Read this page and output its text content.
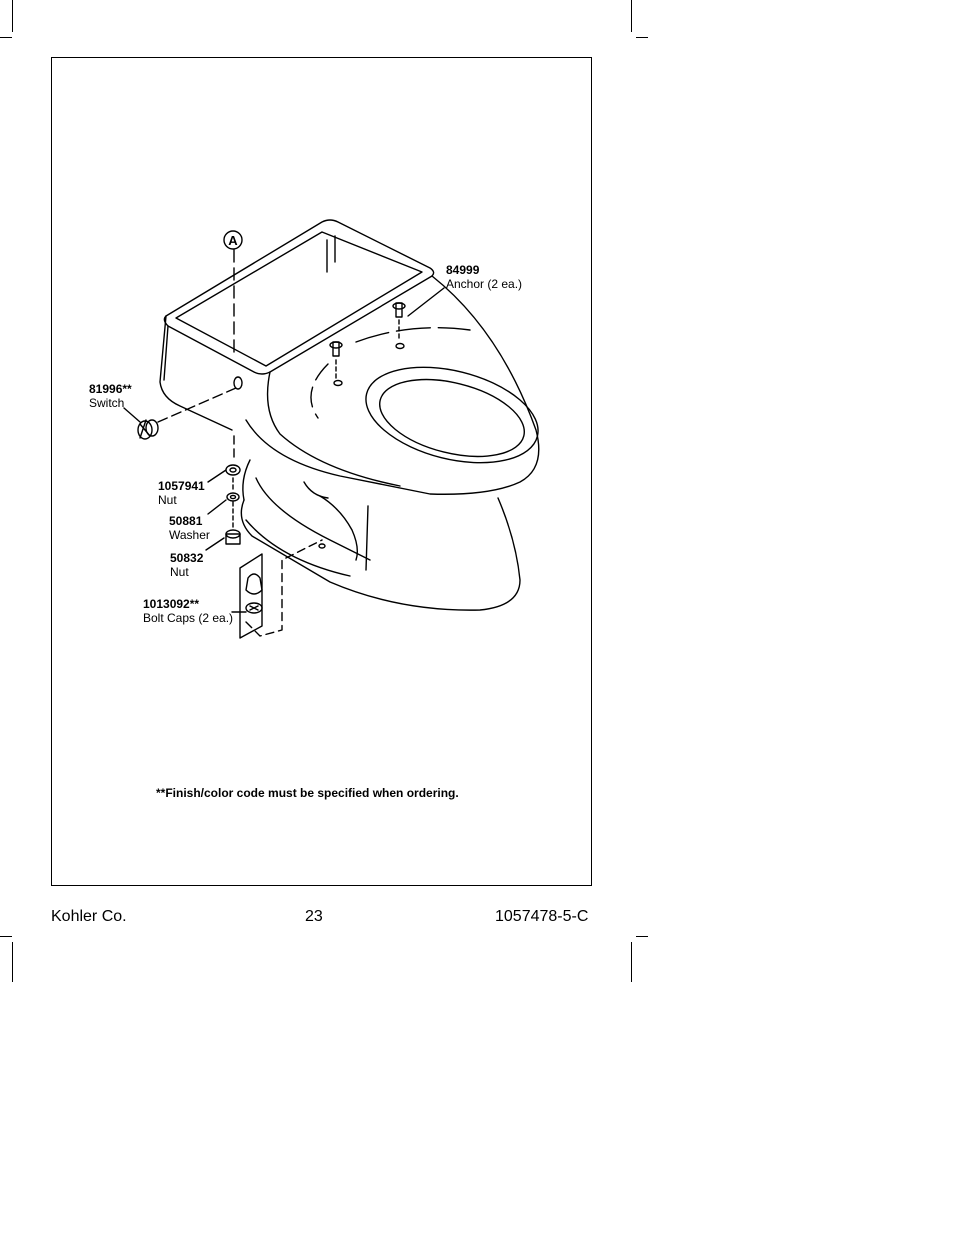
A
84999
Anchor (2 ea.)
81996**
Switch
1057941
Nut
50881
Washer
50832
Nut
1013092**
Bolt Caps (2 ea.)
**Finish/color code must be specified when ordering.
Kohler Co.	23	1057478-5-C
